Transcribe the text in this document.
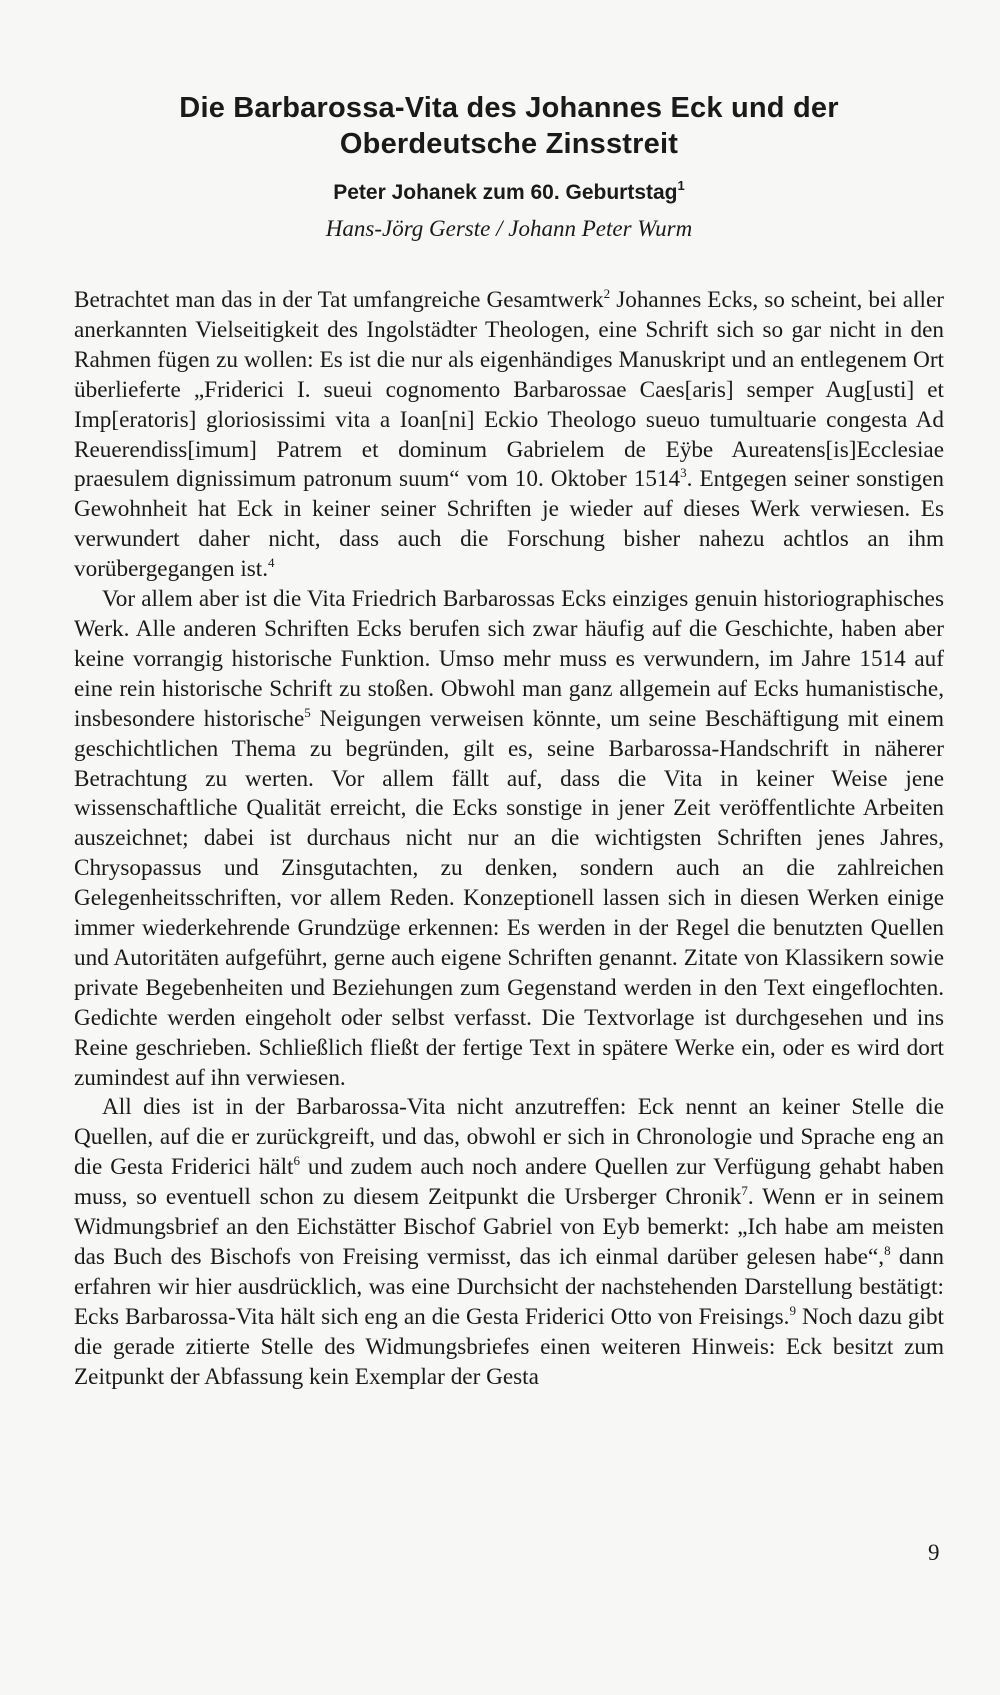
Die Barbarossa-Vita des Johannes Eck und der
Oberdeutsche Zinsstreit

Peter Johanek zum 60. Geburtstag$^1$

Hans-Jörg Gerste / Johann Peter Wurm

Betrachtet man das in der Tat umfangreiche Gesamtwerk$^2$ Johannes Ecks, so scheint, bei aller anerkannten Vielseitigkeit des Ingolstädter Theologen, eine Schrift sich so gar nicht in den Rahmen fügen zu wollen: Es ist die nur als eigenhändiges Manuskript und an entlegenem Ort überlieferte „Friderici I. sueui cognomento Barbarossae Caes[aris] semper Aug[usti] et Imp[eratoris] gloriosissimi vita a Ioan[ni] Eckio Theologo sueuo tumultuarie congesta Ad Reuerendiss[imum] Patrem et dominum Gabrielem de Eÿbe Aureatens[is]Ecclesiae praesulem dignissimum patronum suum“ vom 10. Oktober 1514$^3$. Entgegen seiner sonstigen Gewohnheit hat Eck in keiner seiner Schriften je wieder auf dieses Werk verwiesen. Es verwundert daher nicht, dass auch die Forschung bisher nahezu achtlos an ihm vorübergegangen ist.$^4$

Vor allem aber ist die Vita Friedrich Barbarossas Ecks einziges genuin historiographisches Werk. Alle anderen Schriften Ecks berufen sich zwar häufig auf die Geschichte, haben aber keine vorrangig historische Funktion. Umso mehr muss es verwundern, im Jahre 1514 auf eine rein historische Schrift zu stoßen. Obwohl man ganz allgemein auf Ecks humanistische, insbesondere historische$^5$ Neigungen verweisen könnte, um seine Beschäftigung mit einem geschichtlichen Thema zu begründen, gilt es, seine Barbarossa-Handschrift in näherer Betrachtung zu werten. Vor allem fällt auf, dass die Vita in keiner Weise jene wissenschaftliche Qualität erreicht, die Ecks sonstige in jener Zeit veröffentlichte Arbeiten auszeichnet; dabei ist durchaus nicht nur an die wichtigsten Schriften jenes Jahres, Chrysopassus und Zinsgutachten, zu denken, sondern auch an die zahlreichen Gelegenheitsschriften, vor allem Reden. Konzeptionell lassen sich in diesen Werken einige immer wiederkehrende Grundzüge erkennen: Es werden in der Regel die benutzten Quellen und Autoritäten aufgeführt, gerne auch eigene Schriften genannt. Zitate von Klassikern sowie private Begebenheiten und Beziehungen zum Gegenstand werden in den Text eingeflochten. Gedichte werden eingeholt oder selbst verfasst. Die Textvorlage ist durchgesehen und ins Reine geschrieben. Schließlich fließt der fertige Text in spätere Werke ein, oder es wird dort zumindest auf ihn verwiesen.

All dies ist in der Barbarossa-Vita nicht anzutreffen: Eck nennt an keiner Stelle die Quellen, auf die er zurückgreift, und das, obwohl er sich in Chronologie und Sprache eng an die Gesta Friderici hält$^6$ und zudem auch noch andere Quellen zur Verfügung gehabt haben muss, so eventuell schon zu diesem Zeitpunkt die Ursberger Chronik$^7$. Wenn er in seinem Widmungsbrief an den Eichstätter Bischof Gabriel von Eyb bemerkt: „Ich habe am meisten das Buch des Bischofs von Freising vermisst, das ich einmal darüber gelesen habe“,$^8$ dann erfahren wir hier ausdrücklich, was eine Durchsicht der nachstehenden Darstellung bestätigt: Ecks Barbarossa-Vita hält sich eng an die Gesta Friderici Otto von Freisings.$^9$ Noch dazu gibt die gerade zitierte Stelle des Widmungsbriefes einen weiteren Hinweis: Eck besitzt zum Zeitpunkt der Abfassung kein Exemplar der Gesta

9
